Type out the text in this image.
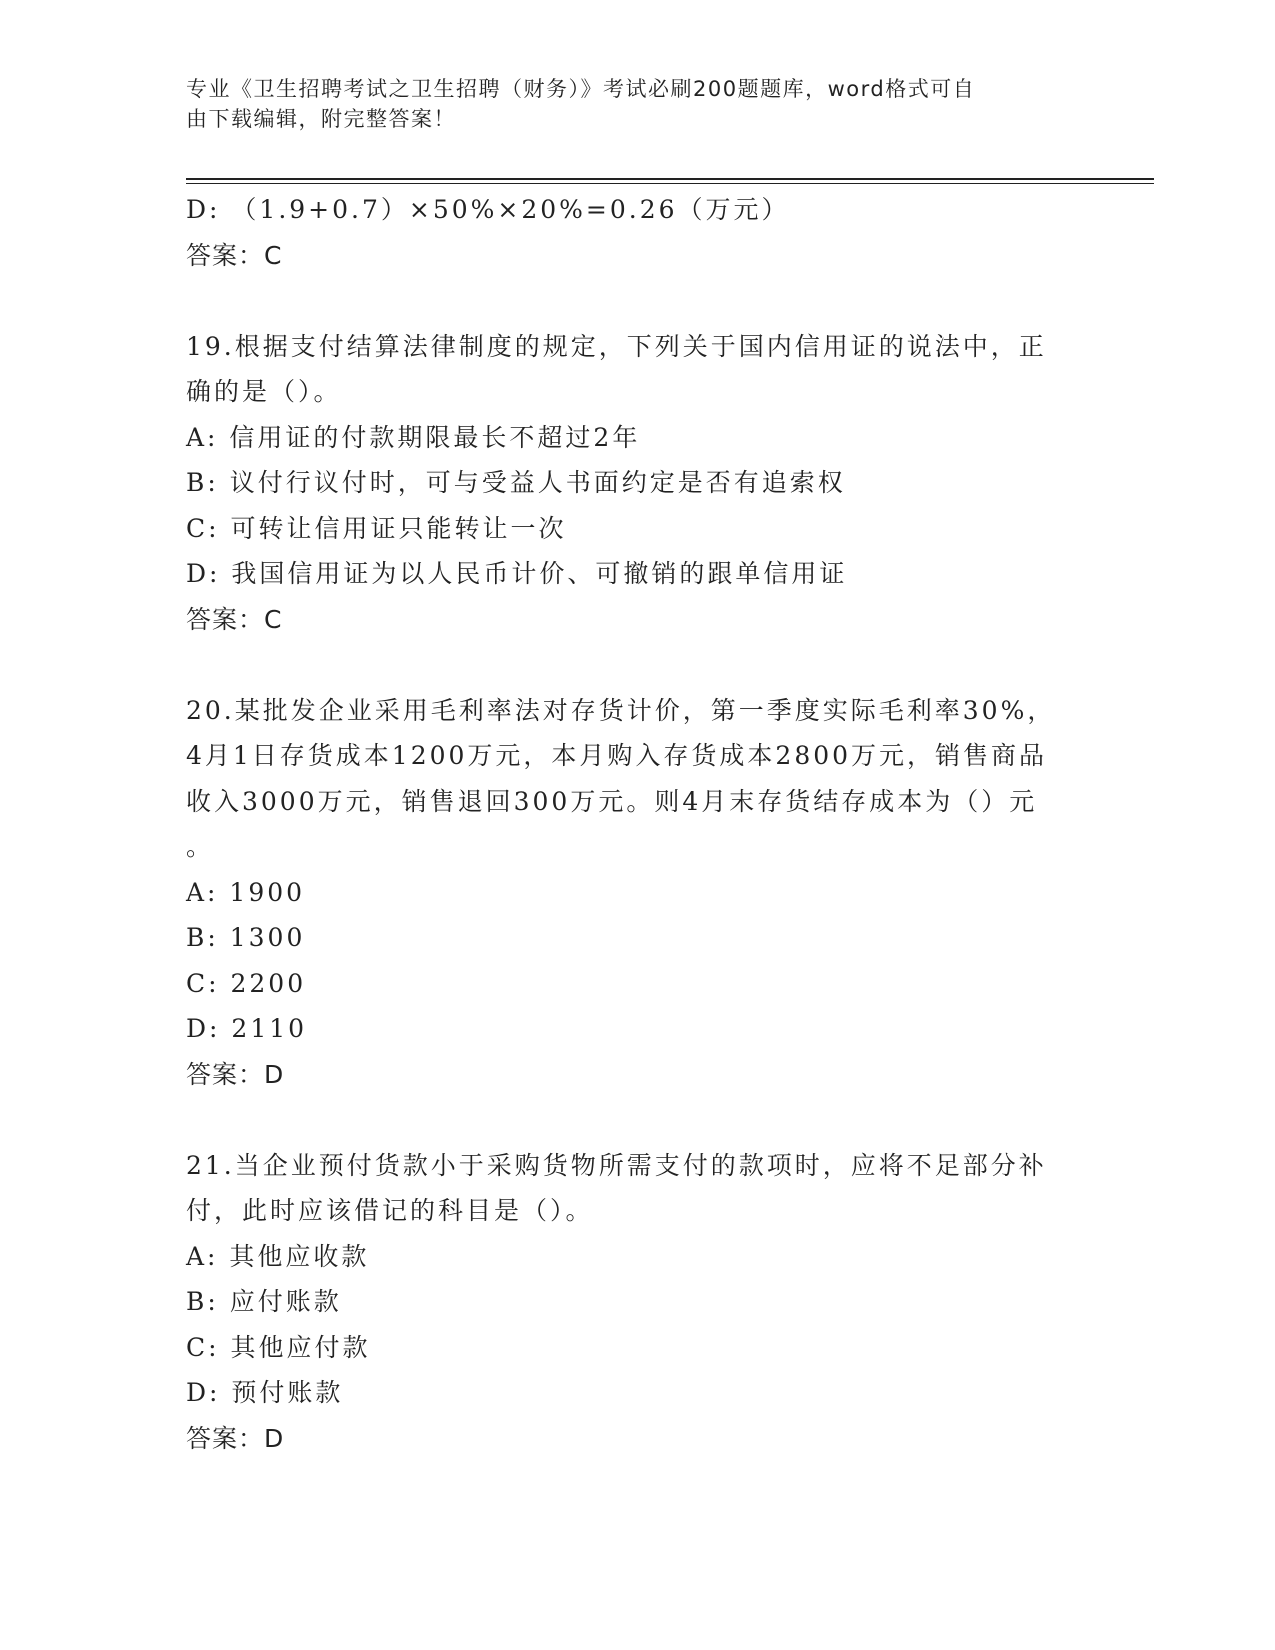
专业《卫生招聘考试之卫生招聘（财务）》考试必刷200题题库，word格式可自
由下载编辑，附完整答案！
D: （1.9+0.7）×50%×20%=0.26（万元）
答案：C
19.根据支付结算法律制度的规定，下列关于国内信用证的说法中，正
确的是（）。
A: 信用证的付款期限最长不超过2年
B: 议付行议付时，可与受益人书面约定是否有追索权
C: 可转让信用证只能转让一次
D: 我国信用证为以人民币计价、可撤销的跟单信用证
答案：C
20.某批发企业采用毛利率法对存货计价，第一季度实际毛利率30%，
4月1日存货成本1200万元，本月购入存货成本2800万元，销售商品
收入3000万元，销售退回300万元。则4月末存货结存成本为（）元
。
A: 1900
B: 1300
C: 2200
D: 2110
答案：D
21.当企业预付货款小于采购货物所需支付的款项时，应将不足部分补
付，此时应该借记的科目是（）。
A: 其他应收款
B: 应付账款
C: 其他应付款
D: 预付账款
答案：D
